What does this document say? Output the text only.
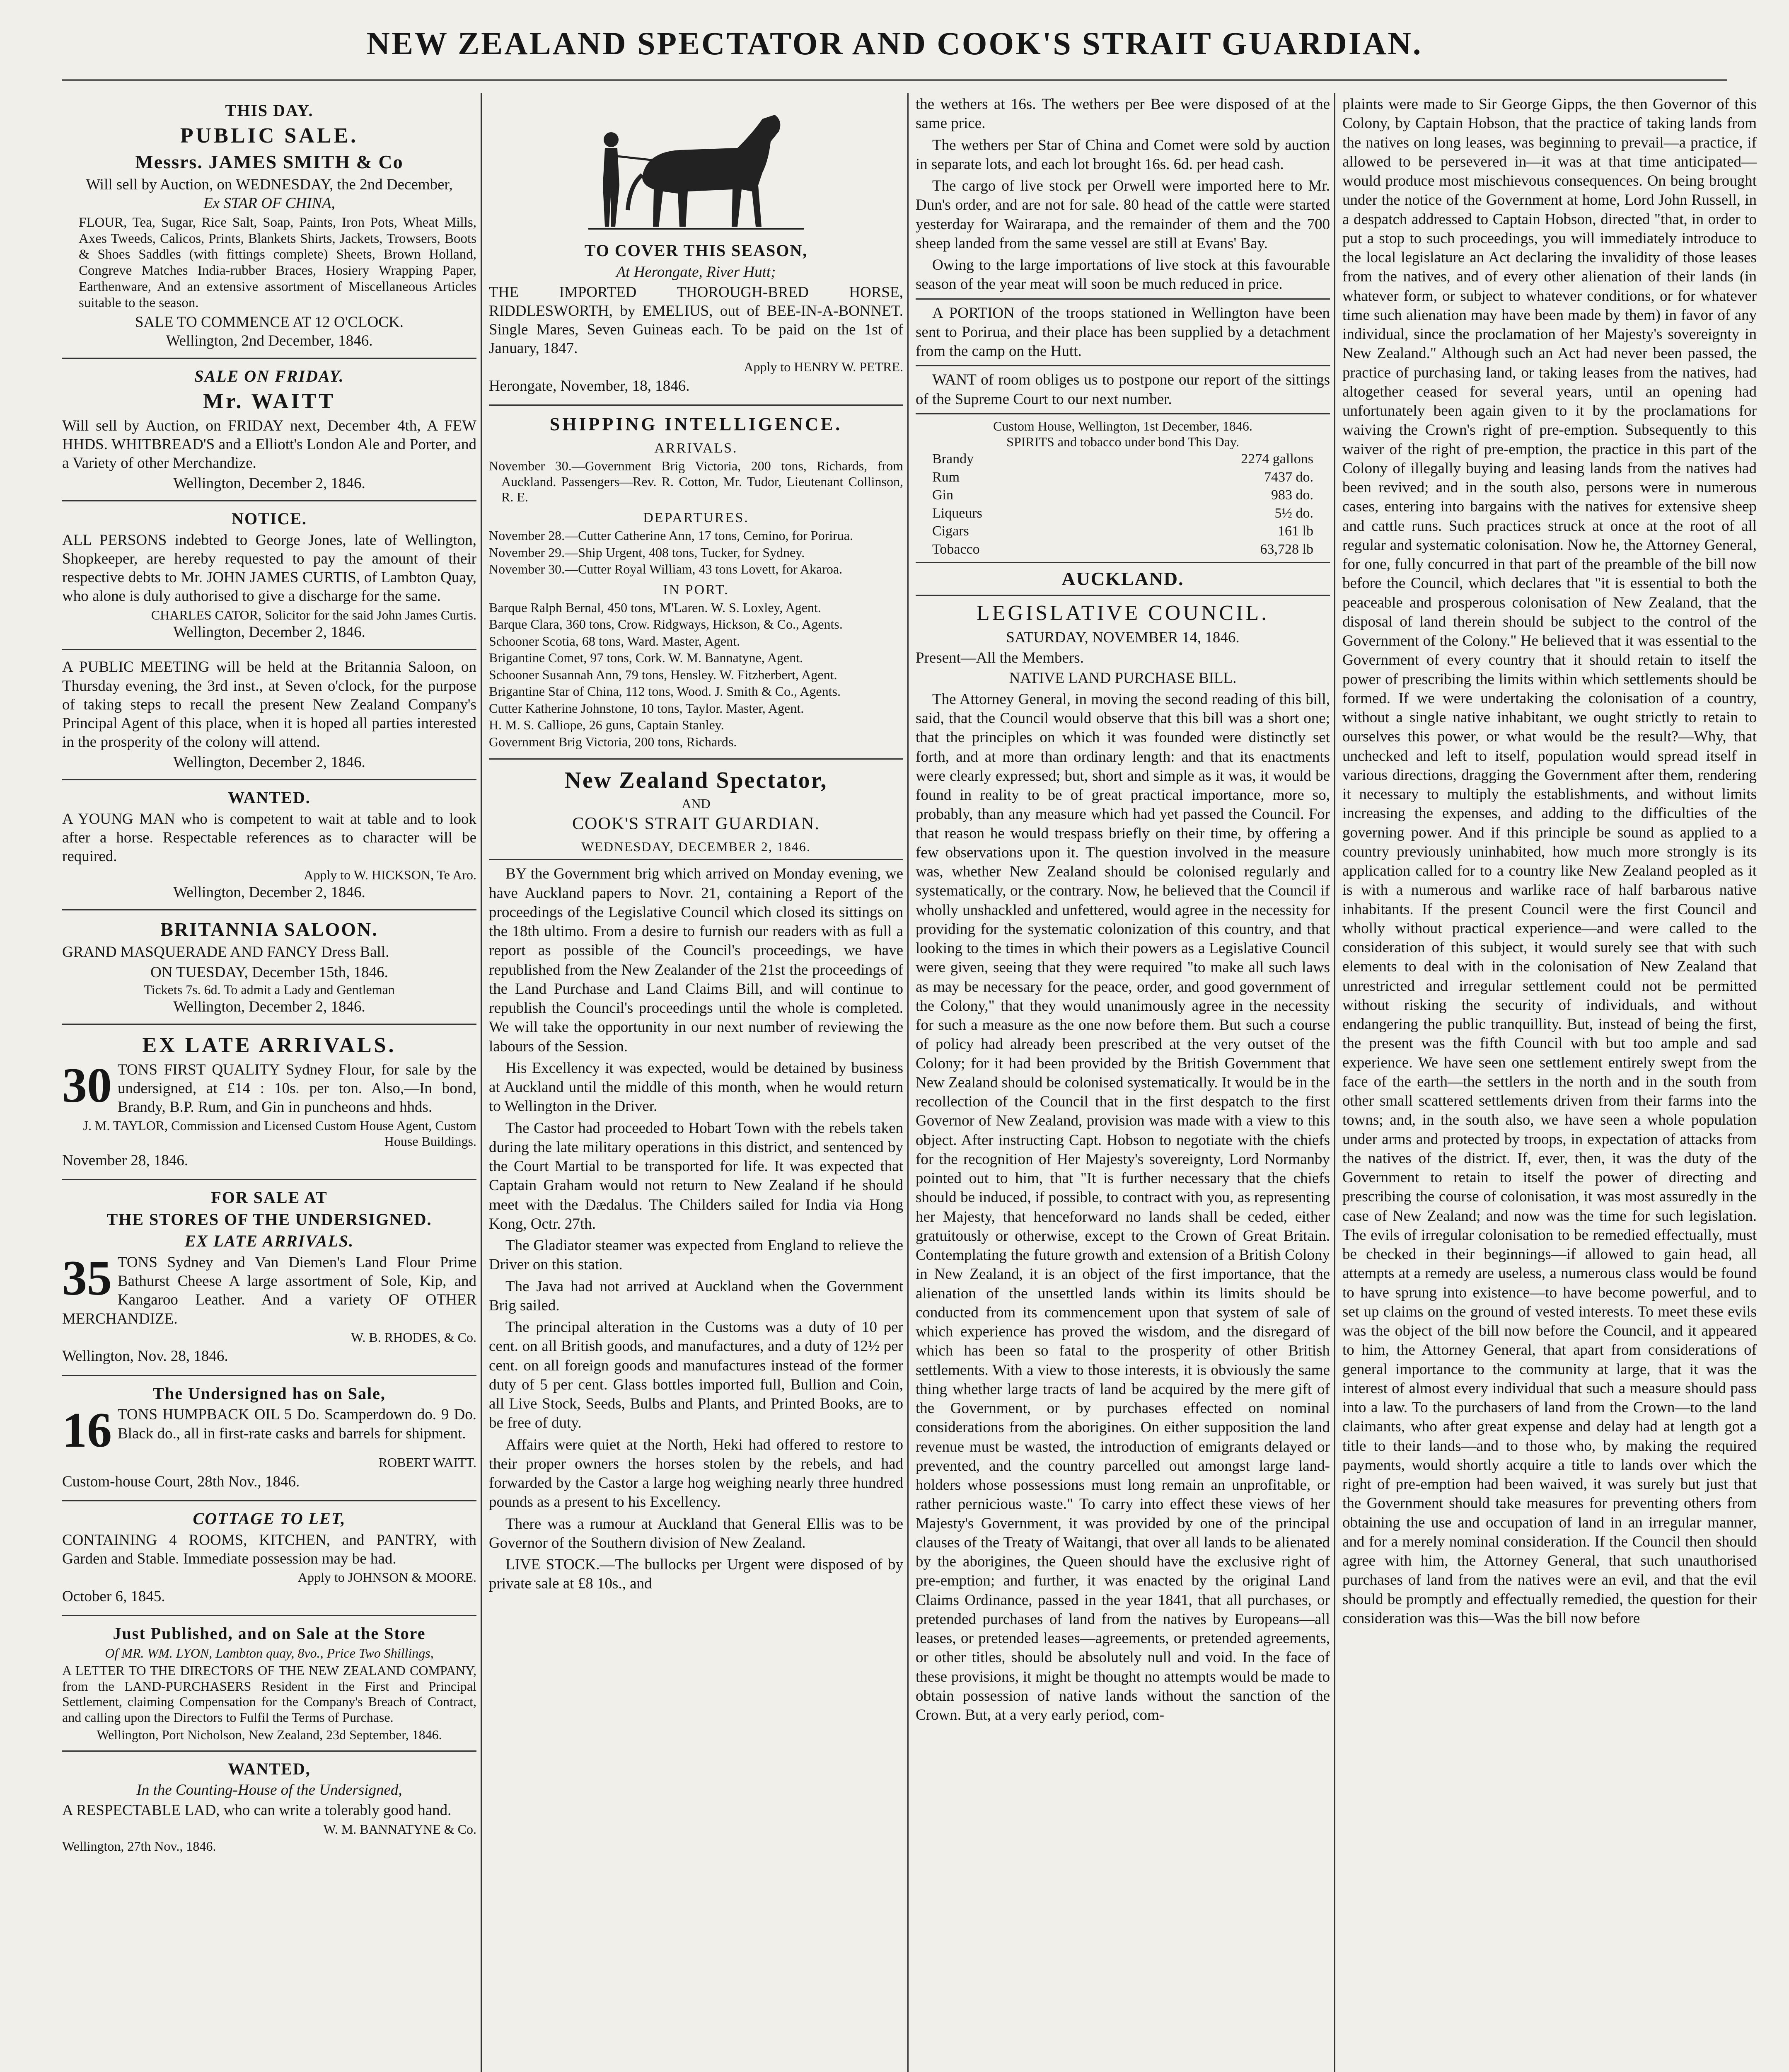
NEW ZEALAND SPECTATOR AND COOK'S STRAIT GUARDIAN.
THIS DAY.
PUBLIC SALE.
Messrs. JAMES SMITH & Co
Will sell by Auction, on WEDNESDAY, the 2nd December,
Ex STAR OF CHINA,
FLOUR, Tea, Sugar, Rice Salt, Soap, Paints, Iron Pots, Wheat Mills, Axes Tweeds, Calicos, Prints, Blankets Shirts, Jackets, Trowsers, Boots & Shoes Saddles (with fittings complete) Sheets, Brown Holland, Congreve Matches India-rubber Braces, Hosiery Wrapping Paper, Earthenware, And an extensive assortment of Miscellaneous Articles suitable to the season.
SALE TO COMMENCE AT 12 O'CLOCK.
Wellington, 2nd December, 1846.
SALE ON FRIDAY.
Mr. WAITT
Will sell by Auction, on FRIDAY next, December 4th, A FEW HHDS. WHITBREAD'S and a Elliott's London Ale and Porter, and a Variety of other Merchandize.
Wellington, December 2, 1846.
NOTICE.
ALL PERSONS indebted to George Jones, late of Wellington, Shopkeeper, are hereby requested to pay the amount of their respective debts to Mr. JOHN JAMES CURTIS, of Lambton Quay, who alone is duly authorised to give a discharge for the same.
CHARLES CATOR, Solicitor for the said John James Curtis.
Wellington, December 2, 1846.
A PUBLIC MEETING will be held at the Britannia Saloon, on Thursday evening, the 3rd inst., at Seven o'clock, for the purpose of taking steps to recall the present New Zealand Company's Principal Agent of this place, when it is hoped all parties interested in the prosperity of the colony will attend.
Wellington, December 2, 1846.
WANTED.
A YOUNG MAN who is competent to wait at table and to look after a horse. Respectable references as to character will be required.
Apply to W. HICKSON, Te Aro.
Wellington, December 2, 1846.
BRITANNIA SALOON.
GRAND MASQUERADE AND FANCY Dress Ball.
ON TUESDAY, December 15th, 1846.
Tickets 7s. 6d. To admit a Lady and Gentleman
Wellington, December 2, 1846.
EX LATE ARRIVALS.
30 TONS FIRST QUALITY Sydney Flour, for sale by the undersigned, at £14 : 10s. per ton. Also,—In bond, Brandy, B.P. Rum, and Gin in puncheons and hhds.
J. M. TAYLOR, Commission and Licensed Custom House Agent, Custom House Buildings.
November 28, 1846.
FOR SALE AT
THE STORES OF THE UNDERSIGNED.
EX LATE ARRIVALS.
35 TONS Sydney and Van Diemen's Land Flour Prime Bathurst Cheese A large assortment of Sole, Kip, and Kangaroo Leather. And a variety OF OTHER MERCHANDIZE.
W. B. RHODES, & Co.
Wellington, Nov. 28, 1846.
The Undersigned has on Sale,
16 TONS HUMPBACK OIL 5 Do. Scamperdown do. 9 Do. Black do., all in first-rate casks and barrels for shipment.
ROBERT WAITT.
Custom-house Court, 28th Nov., 1846.
COTTAGE TO LET,
CONTAINING 4 ROOMS, KITCHEN, and PANTRY, with Garden and Stable. Immediate possession may be had.
Apply to JOHNSON & MOORE.
October 6, 1845.
Just Published, and on Sale at the Store
Of MR. WM. LYON, Lambton quay, 8vo., Price Two Shillings,
A LETTER TO THE DIRECTORS OF THE NEW ZEALAND COMPANY, from the LAND-PURCHASERS Resident in the First and Principal Settlement, claiming Compensation for the Company's Breach of Contract, and calling upon the Directors to Fulfil the Terms of Purchase.
Wellington, Port Nicholson, New Zealand, 23d September, 1846.
WANTED,
In the Counting-House of the Undersigned,
A RESPECTABLE LAD, who can write a tolerably good hand.
W. M. BANNATYNE & Co.
Wellington, 27th Nov., 1846.
TO COVER THIS SEASON,
At Herongate, River Hutt;
THE IMPORTED THOROUGH-BRED HORSE, RIDDLESWORTH, by EMELIUS, out of BEE-IN-A-BONNET. Single Mares, Seven Guineas each. To be paid on the 1st of January, 1847.
Apply to HENRY W. PETRE.
Herongate, November, 18, 1846.
SHIPPING INTELLIGENCE.
ARRIVALS.
November 30.—Government Brig Victoria, 200 tons, Richards, from Auckland. Passengers—Rev. R. Cotton, Mr. Tudor, Lieutenant Collinson, R. E.
DEPARTURES.
November 28.—Cutter Catherine Ann, 17 tons, Cemino, for Porirua.
November 29.—Ship Urgent, 408 tons, Tucker, for Sydney.
November 30.—Cutter Royal William, 43 tons Lovett, for Akaroa.
IN PORT.
Barque Ralph Bernal, 450 tons, M'Laren. W. S. Loxley, Agent.
Barque Clara, 360 tons, Crow. Ridgways, Hickson, & Co., Agents.
Schooner Scotia, 68 tons, Ward. Master, Agent.
Brigantine Comet, 97 tons, Cork. W. M. Bannatyne, Agent.
Schooner Susannah Ann, 79 tons, Hensley. W. Fitzherbert, Agent.
Brigantine Star of China, 112 tons, Wood. J. Smith & Co., Agents.
Cutter Katherine Johnstone, 10 tons, Taylor. Master, Agent.
H. M. S. Calliope, 26 guns, Captain Stanley.
Government Brig Victoria, 200 tons, Richards.
New Zealand Spectator,
AND
COOK'S STRAIT GUARDIAN.
WEDNESDAY, DECEMBER 2, 1846.

BY the Government brig which arrived on Monday evening, we have Auckland papers to Novr. 21, containing a Report of the proceedings of the Legislative Council which closed its sittings on the 18th ultimo. From a desire to furnish our readers with as full a report as possible of the Council's proceedings, we have republished from the New Zealander of the 21st the proceedings of the Land Purchase and Land Claims Bill, and will continue to republish the Council's proceedings until the whole is completed. We will take the opportunity in our next number of reviewing the labours of the Session.

His Excellency it was expected, would be detained by business at Auckland until the middle of this month, when he would return to Wellington in the Driver.

The Castor had proceeded to Hobart Town with the rebels taken during the late military operations in this district, and sentenced by the Court Martial to be transported for life. It was expected that Captain Graham would not return to New Zealand if he should meet with the Dædalus. The Childers sailed for India via Hong Kong, Octr. 27th.

The Gladiator steamer was expected from England to relieve the Driver on this station.

The Java had not arrived at Auckland when the Government Brig sailed.

The principal alteration in the Customs was a duty of 10 per cent. on all British goods, and manufactures, and a duty of 12½ per cent. on all foreign goods and manufactures instead of the former duty of 5 per cent. Glass bottles imported full, Bullion and Coin, all Live Stock, Seeds, Bulbs and Plants, and Printed Books, are to be free of duty.

Affairs were quiet at the North, Heki had offered to restore to their proper owners the horses stolen by the rebels, and had forwarded by the Castor a large hog weighing nearly three hundred pounds as a present to his Excellency.

There was a rumour at Auckland that General Ellis was to be Governor of the Southern division of New Zealand.

LIVE STOCK.—The bullocks per Urgent were disposed of by private sale at £8 10s., and

the wethers at 16s. The wethers per Bee were disposed of at the same price.

The wethers per Star of China and Comet were sold by auction in separate lots, and each lot brought 16s. 6d. per head cash.

The cargo of live stock per Orwell were imported here to Mr. Dun's order, and are not for sale. 80 head of the cattle were started yesterday for Wairarapa, and the remainder of them and the 700 sheep landed from the same vessel are still at Evans' Bay.

Owing to the large importations of live stock at this favourable season of the year meat will soon be much reduced in price.

A PORTION of the troops stationed in Wellington have been sent to Porirua, and their place has been supplied by a detachment from the camp on the Hutt.

WANT of room obliges us to postpone our report of the sittings of the Supreme Court to our next number.

Custom House, Wellington, 1st December, 1846.
SPIRITS and tobacco under bond This Day.
Brandy	2274 gallons
Rum	7437 do.
Gin	983 do.
Liqueurs	5½ do.
Cigars	161 lb
Tobacco	63,728 lb
AUCKLAND.
LEGISLATIVE COUNCIL.
SATURDAY, NOVEMBER 14, 1846.
Present—All the Members.
NATIVE LAND PURCHASE BILL.

The Attorney General, in moving the second reading of this bill, said, that the Council would observe that this bill was a short one; that the principles on which it was founded were distinctly set forth, and at more than ordinary length: and that its enactments were clearly expressed; but, short and simple as it was, it would be found in reality to be of great practical importance, more so, probably, than any measure which had yet passed the Council. For that reason he would trespass briefly on their time, by offering a few observations upon it. The question involved in the measure was, whether New Zealand should be colonised regularly and systematically, or the contrary. Now, he believed that the Council if wholly unshackled and unfettered, would agree in the necessity for providing for the systematic colonization of this country, and that looking to the times in which their powers as a Legislative Council were given, seeing that they were required "to make all such laws as may be necessary for the peace, order, and good government of the Colony," that they would unanimously agree in the necessity for such a measure as the one now before them. But such a course of policy had already been prescribed at the very outset of the Colony; for it had been provided by the British Government that New Zealand should be colonised systematically. It would be in the recollection of the Council that in the first despatch to the first Governor of New Zealand, provision was made with a view to this object. After instructing Capt. Hobson to negotiate with the chiefs for the recognition of Her Majesty's sovereignty, Lord Normanby pointed out to him, that "It is further necessary that the chiefs should be induced, if possible, to contract with you, as representing her Majesty, that henceforward no lands shall be ceded, either gratuitously or otherwise, except to the Crown of Great Britain. Contemplating the future growth and extension of a British Colony in New Zealand, it is an object of the first importance, that the alienation of the unsettled lands within its limits should be conducted from its commencement upon that system of sale of which experience has proved the wisdom, and the disregard of which has been so fatal to the prosperity of other British settlements. With a view to those interests, it is obviously the same thing whether large tracts of land be acquired by the mere gift of the Government, or by purchases effected on nominal considerations from the aborigines. On either supposition the land revenue must be wasted, the introduction of emigrants delayed or prevented, and the country parcelled out amongst large land-holders whose possessions must long remain an unprofitable, or rather pernicious waste." To carry into effect these views of her Majesty's Government, it was provided by one of the principal clauses of the Treaty of Waitangi, that over all lands to be alienated by the aborigines, the Queen should have the exclusive right of pre-emption; and further, it was enacted by the original Land Claims Ordinance, passed in the year 1841, that all purchases, or pretended purchases of land from the natives by Europeans—all leases, or pretended leases—agreements, or pretended agreements, or other titles, should be absolutely null and void. In the face of these provisions, it might be thought no attempts would be made to obtain possession of native lands without the sanction of the Crown. But, at a very early period, com-

plaints were made to Sir George Gipps, the then Governor of this Colony, by Captain Hobson, that the practice of taking lands from the natives on long leases, was beginning to prevail—a practice, if allowed to be persevered in—it was at that time anticipated—would produce most mischievous consequences. On being brought under the notice of the Government at home, Lord John Russell, in a despatch addressed to Captain Hobson, directed "that, in order to put a stop to such proceedings, you will immediately introduce to the local legislature an Act declaring the invalidity of those leases from the natives, and of every other alienation of their lands (in whatever form, or subject to whatever conditions, or for whatever time such alienation may have been made by them) in favor of any individual, since the proclamation of her Majesty's sovereignty in New Zealand." Although such an Act had never been passed, the practice of purchasing land, or taking leases from the natives, had altogether ceased for several years, until an opening had unfortunately been again given to it by the proclamations for waiving the Crown's right of pre-emption. Subsequently to this waiver of the right of pre-emption, the practice in this part of the Colony of illegally buying and leasing lands from the natives had been revived; and in the south also, persons were in numerous cases, entering into bargains with the natives for extensive sheep and cattle runs. Such practices struck at once at the root of all regular and systematic colonisation. Now he, the Attorney General, for one, fully concurred in that part of the preamble of the bill now before the Council, which declares that "it is essential to both the peaceable and prosperous colonisation of New Zealand, that the disposal of land therein should be subject to the control of the Government of the Colony." He believed that it was essential to the Government of every country that it should retain to itself the power of prescribing the limits within which settlements should be formed. If we were undertaking the colonisation of a country, without a single native inhabitant, we ought strictly to retain to ourselves this power, or what would be the result?—Why, that unchecked and left to itself, population would spread itself in various directions, dragging the Government after them, rendering it necessary to multiply the establishments, and without limits increasing the expenses, and adding to the difficulties of the governing power. And if this principle be sound as applied to a country previously uninhabited, how much more strongly is its application called for to a country like New Zealand peopled as it is with a numerous and warlike race of half barbarous native inhabitants. If the present Council were the first Council and wholly without practical experience—and were called to the consideration of this subject, it would surely see that with such elements to deal with in the colonisation of New Zealand that unrestricted and irregular settlement could not be permitted without risking the security of individuals, and without endangering the public tranquillity. But, instead of being the first, the present was the fifth Council with but too ample and sad experience. We have seen one settlement entirely swept from the face of the earth—the settlers in the north and in the south from other small scattered settlements driven from their farms into the towns; and, in the south also, we have seen a whole population under arms and protected by troops, in expectation of attacks from the natives of the district. If, ever, then, it was the duty of the Government to retain to itself the power of directing and prescribing the course of colonisation, it was most assuredly in the case of New Zealand; and now was the time for such legislation. The evils of irregular colonisation to be remedied effectually, must be checked in their beginnings—if allowed to gain head, all attempts at a remedy are useless, a numerous class would be found to have sprung into existence—to have become powerful, and to set up claims on the ground of vested interests. To meet these evils was the object of the bill now before the Council, and it appeared to him, the Attorney General, that apart from considerations of general importance to the community at large, that it was the interest of almost every individual that such a measure should pass into a law. To the purchasers of land from the Crown—to the land claimants, who after great expense and delay had at length got a title to their lands—and to those who, by making the required payments, would shortly acquire a title to lands over which the right of pre-emption had been waived, it was surely but just that the Government should take measures for preventing others from obtaining the use and occupation of land in an irregular manner, and for a merely nominal consideration. If the Council then should agree with him, the Attorney General, that such unauthorised purchases of land from the natives were an evil, and that the evil should be promptly and effectually remedied, the question for their consideration was this—Was the bill now before
